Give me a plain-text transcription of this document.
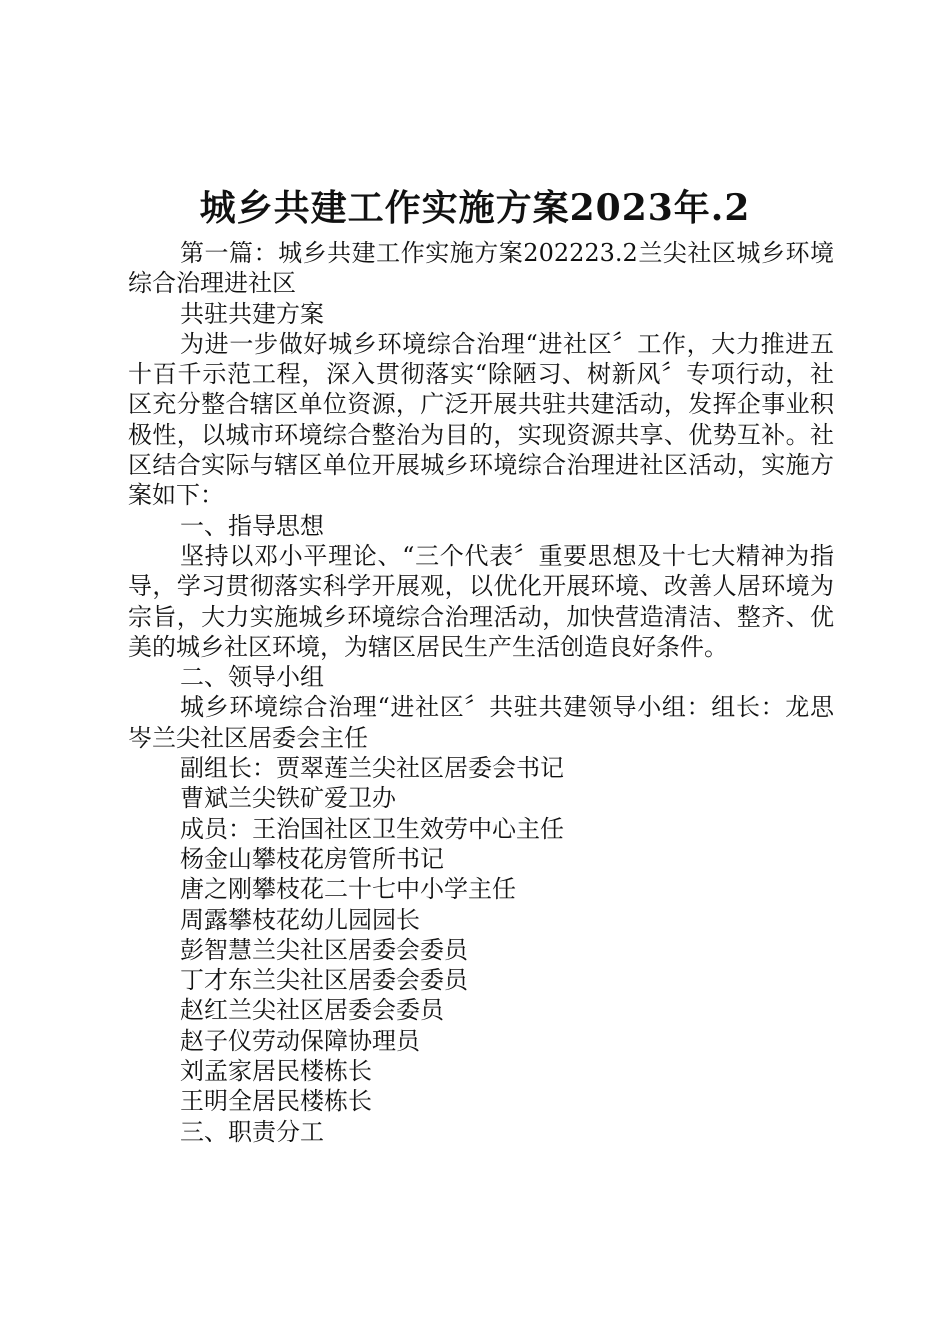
城乡共建工作实施方案2023年.2

第一篇：城乡共建工作实施方案202223.2兰尖社区城乡环境综合治理进社区

共驻共建方案

为进一步做好城乡环境综合治理“进社区〞工作，大力推进五十百千示范工程，深入贯彻落实“除陋习、树新风〞专项行动，社区充分整合辖区单位资源，广泛开展共驻共建活动，发挥企事业积极性，以城市环境综合整治为目的，实现资源共享、优势互补。社区结合实际与辖区单位开展城乡环境综合治理进社区活动，实施方案如下：

一、指导思想

坚持以邓小平理论、“三个代表〞重要思想及十七大精神为指导，学习贯彻落实科学开展观，以优化开展环境、改善人居环境为宗旨，大力实施城乡环境综合治理活动，加快营造清洁、整齐、优美的城乡社区环境，为辖区居民生产生活创造良好条件。

二、领导小组

城乡环境综合治理“进社区〞共驻共建领导小组：组长：龙思岑兰尖社区居委会主任

副组长：贾翠莲兰尖社区居委会书记

曹斌兰尖铁矿爱卫办

成员：王治国社区卫生效劳中心主任

杨金山攀枝花房管所书记

唐之刚攀枝花二十七中小学主任

周露攀枝花幼儿园园长

彭智慧兰尖社区居委会委员

丁才东兰尖社区居委会委员

赵红兰尖社区居委会委员

赵子仪劳动保障协理员

刘孟家居民楼栋长

王明全居民楼栋长

三、职责分工
